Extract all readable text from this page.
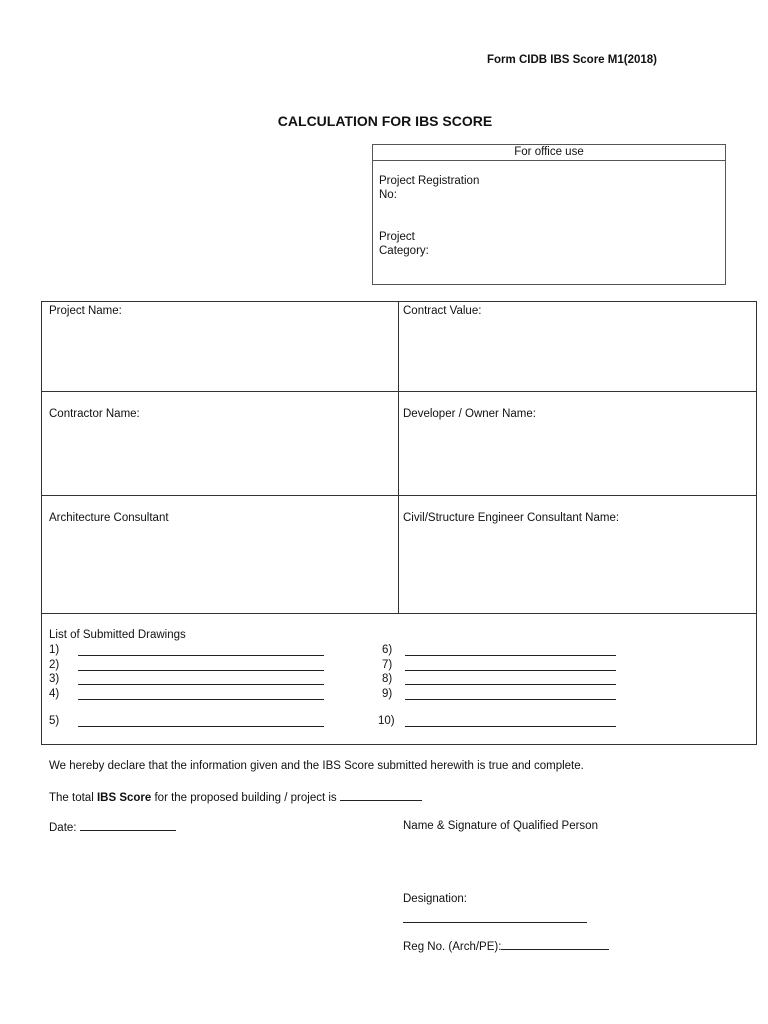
Form CIDB IBS Score M1(2018)
CALCULATION FOR IBS SCORE
For office use
Project Registration
No:
Project
Category:
Project Name:	Contract Value:
Contractor Name:	Developer / Owner Name:
Architecture Consultant	Civil/Structure Engineer Consultant Name:
List of Submitted Drawings
1)
2)
3)
4)
5)
6)
7)
8)
9)
10)
We hereby declare that the information given and the IBS Score submitted herewith is true and complete.
The total IBS Score for the proposed building / project is
Date:	Name & Signature of Qualified Person
Designation:
Reg No. (Arch/PE):
